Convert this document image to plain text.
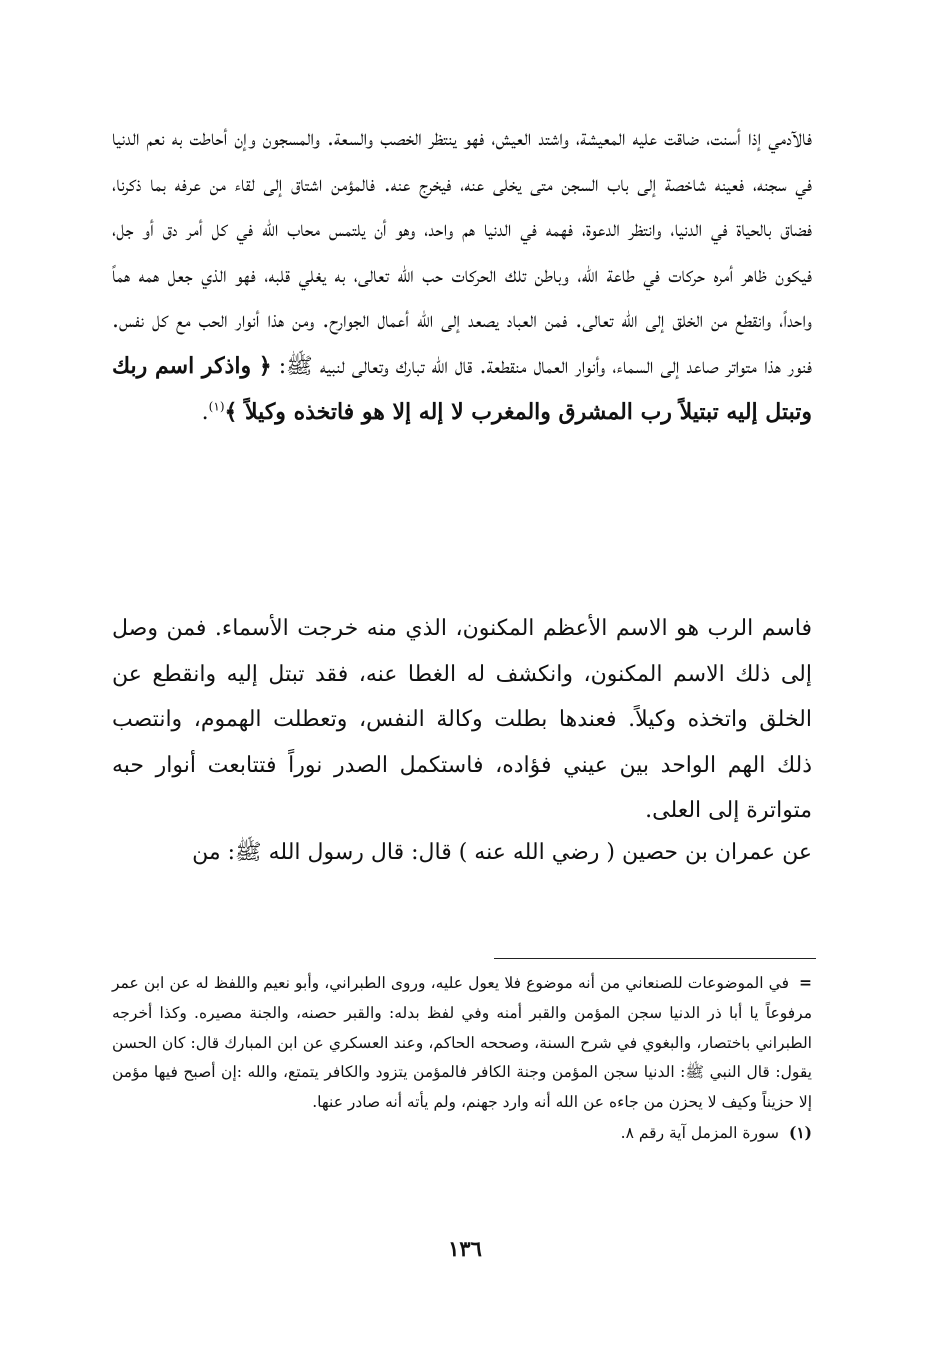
فالآدمي إذا أسنت، ضاقت عليه المعيشة، واشتد العيش، فهو ينتظر الخصب والسعة. والمسجون وإن أحاطت به نعم الدنيا في سجنه، فعينه شاخصة إلى باب السجن متى يخلى عنه، فيخرج عنه. فالمؤمن اشتاق إلى لقاء من عرفه بما ذكرنا، فضاق بالحياة في الدنيا، وانتظر الدعوة، فهمه في الدنيا هم واحد، وهو أن يلتمس محاب الله في كل أمر دق أو جل، فيكون ظاهر أمره حركات في طاعة الله، وباطن تلك الحركات حب الله تعالى، به يغلي قلبه، فهو الذي جعل همه هماً واحداً، وانقطع من الخلق إلى الله تعالى. فمن العباد يصعد إلى الله أعمال الجوارح. ومن هذا أنوار الحب مع كل نفس. فنور هذا متواتر صاعد إلى السماء، وأنوار العمال منقطعة. قال الله تبارك وتعالى لنبيه ﷺ: ﴿ واذكر اسم ربك وتبتل إليه تبتيلاً رب المشرق والمغرب لا إله إلا هو فاتخذه وكيلاً ﴾$^{(١)}$.
فاسم الرب هو الاسم الأعظم المكنون، الذي منه خرجت الأسماء. فمن وصل إلى ذلك الاسم المكنون، وانكشف له الغطا عنه، فقد تبتل إليه وانقطع عن الخلق واتخذه وكيلاً. فعندها بطلت وكالة النفس، وتعطلت الهموم، وانتصب ذلك الهم الواحد بين عيني فؤاده، فاستكمل الصدر نوراً فتتابعت أنوار حبه متواترة إلى العلى.
عن عمران بن حصين ( رضي الله عنه ) قال: قال رسول الله ﷺ: من

=في الموضوعات للصنعاني من أنه موضوع فلا يعول عليه، وروى الطبراني، وأبو نعيم واللفظ له عن ابن عمر مرفوعاً يا أبا ذر الدنيا سجن المؤمن والقبر أمنه وفي لفظ بدله: والقبر حصنه، والجنة مصيره. وكذا أخرجه الطبراني باختصار، والبغوي في شرح السنة، وصححه الحاكم، وعند العسكري عن ابن المبارك قال: كان الحسن يقول: قال النبي ﷺ: الدنيا سجن المؤمن وجنة الكافر فالمؤمن يتزود والكافر يتمتع، والله :إن أصبح فيها مؤمن إلا حزيناً وكيف لا يحزن من جاءه عن الله أنه وارد جهنم، ولم يأته أنه صادر عنها.

(١)سورة المزمل آية رقم ٨.

١٣٦
